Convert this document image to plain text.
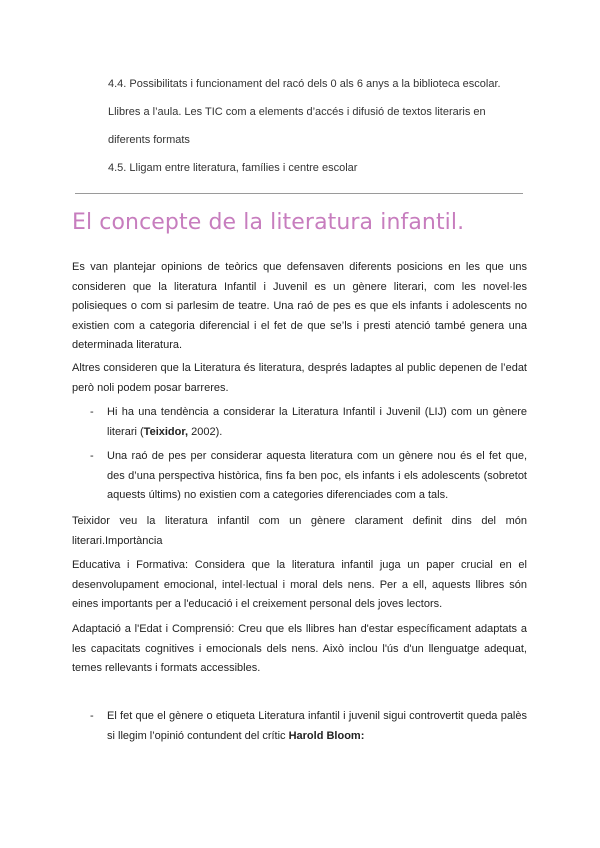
4.4. Possibilitats i funcionament del racó dels 0 als 6 anys a la biblioteca escolar.

Llibres a l’aula. Les TIC com a elements d’accés i difusió de textos literaris en

diferents formats

4.5. Lligam entre literatura, famílies i centre escolar

El concepte de la literatura infantil.

Es van plantejar opinions de teòrics que defensaven diferents posicions en les que uns consideren que la literatura Infantil i Juvenil es un gènere literari, com les novel·les polisieques o com si parlesim de teatre. Una raó de pes es que els infants i adolescents no existien com a categoria diferencial i el fet de que se’ls i presti atenció també genera una determinada literatura.

Altres consideren que la Literatura és literatura, després ladaptes al public depenen de l’edat però noli podem posar barreres.

- Hi ha una tendència a considerar la Literatura Infantil i Juvenil (LIJ) com un gènere literari (Teixidor, 2002).
- Una raó de pes per considerar aquesta literatura com un gènere nou és el fet que, des d’una perspectiva històrica, fins fa ben poc, els infants i els adolescents (sobretot aquests últims) no existien com a categories diferenciades com a tals.

Teixidor veu la literatura infantil com un gènere clarament definit dins del món literari.Importància

Educativa i Formativa: Considera que la literatura infantil juga un paper crucial en el desenvolupament emocional, intel·lectual i moral dels nens. Per a ell, aquests llibres són eines importants per a l'educació i el creixement personal dels joves lectors.

Adaptació a l'Edat i Comprensió: Creu que els llibres han d'estar específicament adaptats a les capacitats cognitives i emocionals dels nens. Això inclou l'ús d'un llenguatge adequat, temes rellevants i formats accessibles.

- El fet que el gènere o etiqueta Literatura infantil i juvenil sigui controvertit queda palès si llegim l’opinió contundent del crític Harold Bloom:
